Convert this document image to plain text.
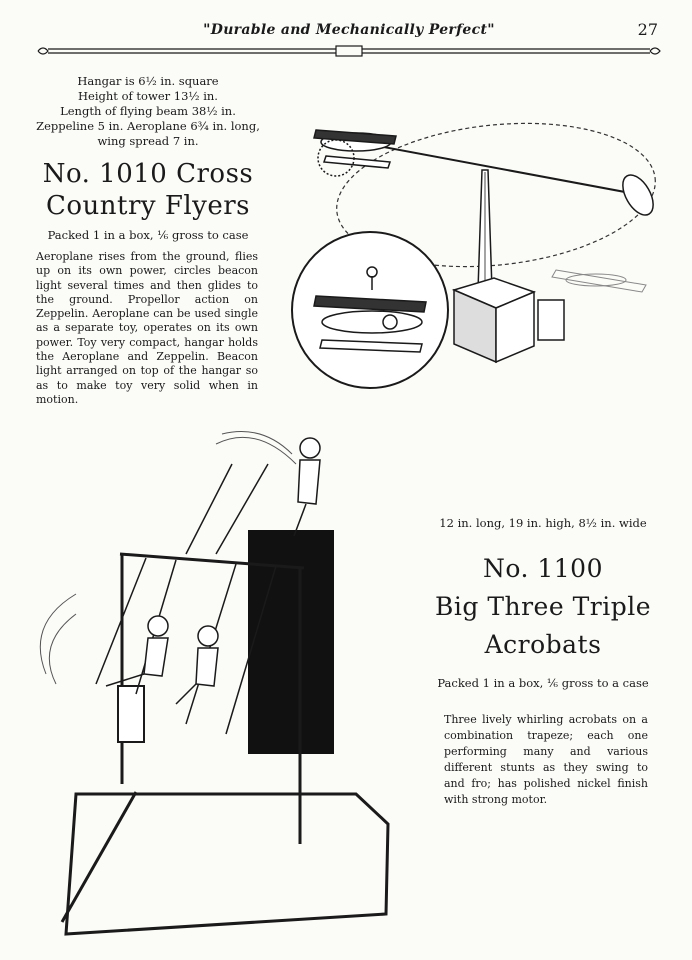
"Durable and Mechanically Perfect"	27
Hangar is 6½ in. square
Height of tower 13½ in.
Length of flying beam 38½ in.
Zeppeline 5 in. Aeroplane 6¾ in. long,
wing spread 7 in.
No. 1010 Cross
Country Flyers
Packed 1 in a box, ⅙ gross to case
Aeroplane rises from the ground, flies up on its own power, circles beacon light several times and then glides to the ground. Propellor action on Zeppelin. Aeroplane can be used single as a separate toy, operates on its own power. Toy very compact, hangar holds the Aeroplane and Zeppelin. Beacon light arranged on top of the hangar so as to make toy very solid when in motion.
12 in. long, 19 in. high, 8½ in. wide
No. 1100
Big Three Triple
Acrobats
Packed 1 in a box, ⅙ gross to a case
Three lively whirling acrobats on a combination trapeze; each one performing many and various different stunts as they swing to and fro; has polished nickel finish with strong motor.
